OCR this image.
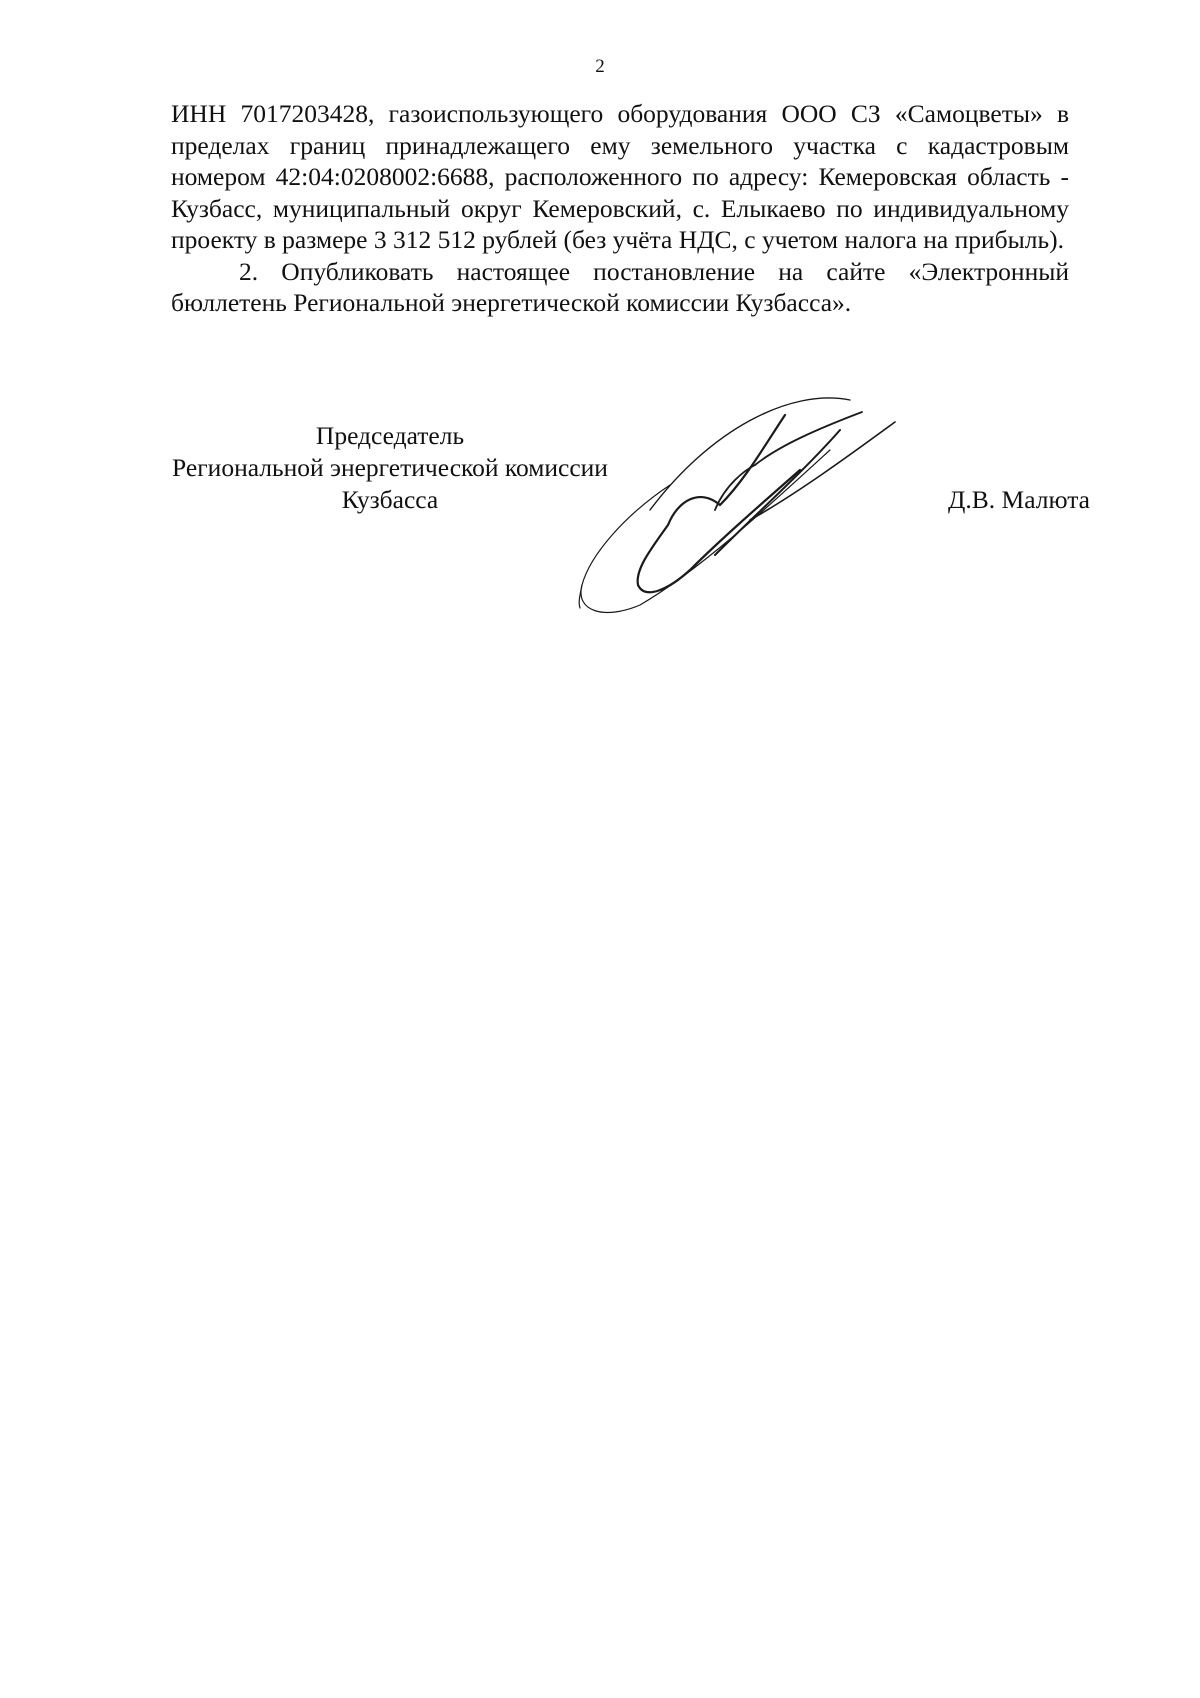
2

ИНН 7017203428, газоиспользующего оборудования ООО СЗ «Самоцветы» в пределах границ принадлежащего ему земельного участка с кадастровым номером 42:04:0208002:6688, расположенного по адресу: Кемеровская область - Кузбасс, муниципальный округ Кемеровский, с. Елыкаево по индивидуальному проекту в размере 3 312 512 рублей (без учёта НДС, с учетом налога на прибыль).

2. Опубликовать настоящее постановление на сайте «Электронный бюллетень Региональной энергетической комиссии Кузбасса».

Председатель
Региональной энергетической комиссии
Кузбасса	Д.В. Малюта
